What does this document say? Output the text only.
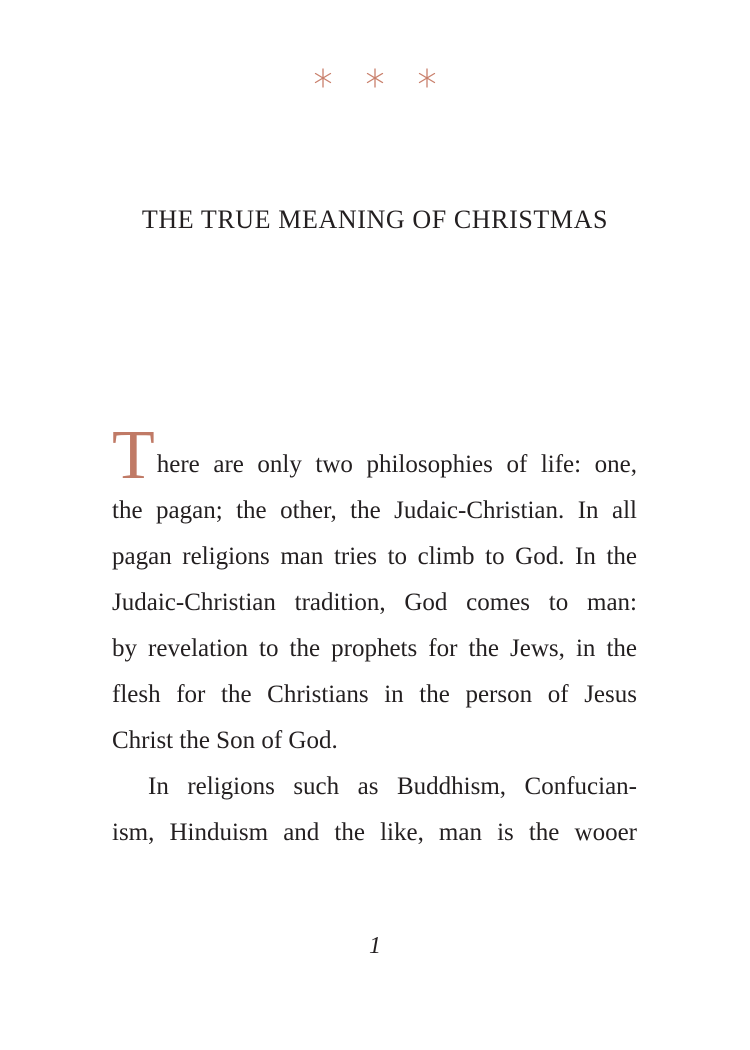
THE TRUE MEANING OF CHRISTMAS
T here are only two philosophies of life: one,
the pagan; the other, the Judaic-Christian. In all
pagan religions man tries to climb to God. In the
Judaic-Christian tradition, God comes to man:
by revelation to the prophets for the Jews, in the
flesh for the Christians in the person of Jesus
Christ the Son of God.
In religions such as Buddhism, Confucian-
ism, Hinduism and the like, man is the wooer
1
